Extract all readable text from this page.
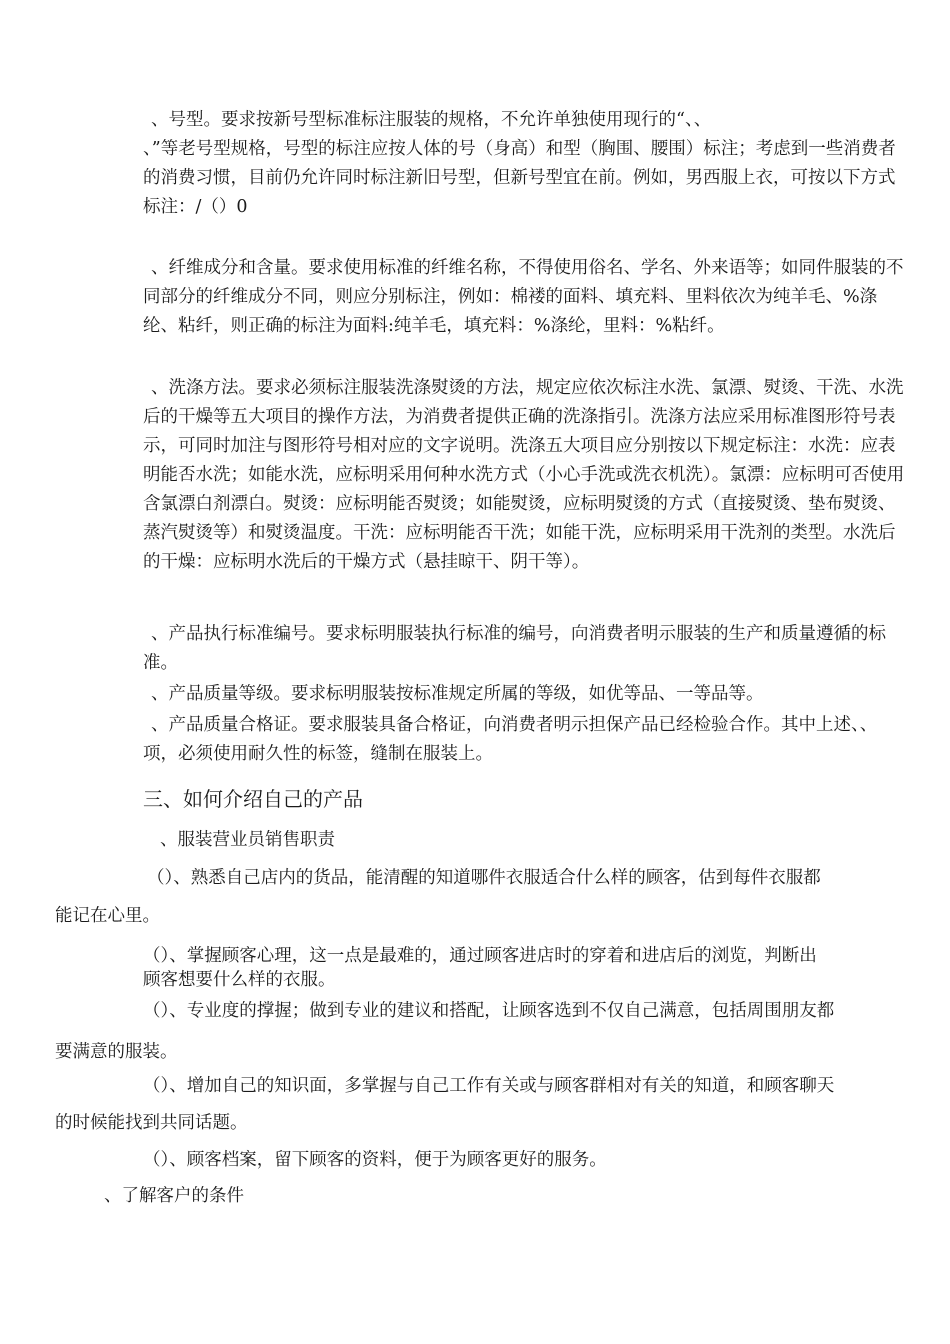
、号型。要求按新号型标准标注服装的规格，不允许单独使用现行的“、、
、”等老号型规格，号型的标注应按人体的号（身高）和型（胸围、腰围）标注；考虑到一些消费者的消费习惯，目前仍允许同时标注新旧号型，但新号型宜在前。例如，男西服上衣，可按以下方式标注：/（）0
、纤维成分和含量。要求使用标准的纤维名称，不得使用俗名、学名、外来语等；如同件服装的不同部分的纤维成分不同，则应分别标注，例如：棉褛的面料、填充料、里料依次为纯羊毛、%涤纶、粘纤，则正确的标注为面料:纯羊毛，填充料：%涤纶，里料：%粘纤。
、洗涤方法。要求必须标注服装洗涤熨烫的方法，规定应依次标注水洗、氯漂、熨烫、干洗、水洗后的干燥等五大项目的操作方法，为消费者提供正确的洗涤指引。洗涤方法应采用标准图形符号表示，可同时加注与图形符号相对应的文字说明。洗涤五大项目应分别按以下规定标注：水洗：应表明能否水洗；如能水洗，应标明采用何种水洗方式（小心手洗或洗衣机洗）。氯漂：应标明可否使用含氯漂白剂漂白。熨烫：应标明能否熨烫；如能熨烫，应标明熨烫的方式（直接熨烫、垫布熨烫、蒸汽熨烫等）和熨烫温度。干洗：应标明能否干洗；如能干洗，应标明采用干洗剂的类型。水洗后的干燥：应标明水洗后的干燥方式（悬挂晾干、阴干等）。
、产品执行标准编号。要求标明服装执行标准的编号，向消费者明示服装的生产和质量遵循的标准。
、产品质量等级。要求标明服装按标准规定所属的等级，如优等品、一等品等。
、产品质量合格证。要求服装具备合格证，向消费者明示担保产品已经检验合作。其中上述、、项，必须使用耐久性的标签，缝制在服装上。
三、如何介绍自己的产品
、服装营业员销售职责
（）、熟悉自己店内的货品，能清醒的知道哪件衣服适合什么样的顾客，估到每件衣服都
能记在心里。
（）、掌握顾客心理，这一点是最难的，通过顾客进店时的穿着和进店后的浏览，判断出
顾客想要什么样的衣服。
（）、专业度的撑握；做到专业的建议和搭配，让顾客选到不仅自己满意，包括周围朋友都
要满意的服装。
（）、增加自己的知识面，多掌握与自己工作有关或与顾客群相对有关的知道，和顾客聊天
的时候能找到共同话题。
（）、顾客档案，留下顾客的资料，便于为顾客更好的服务。
、了解客户的条件
